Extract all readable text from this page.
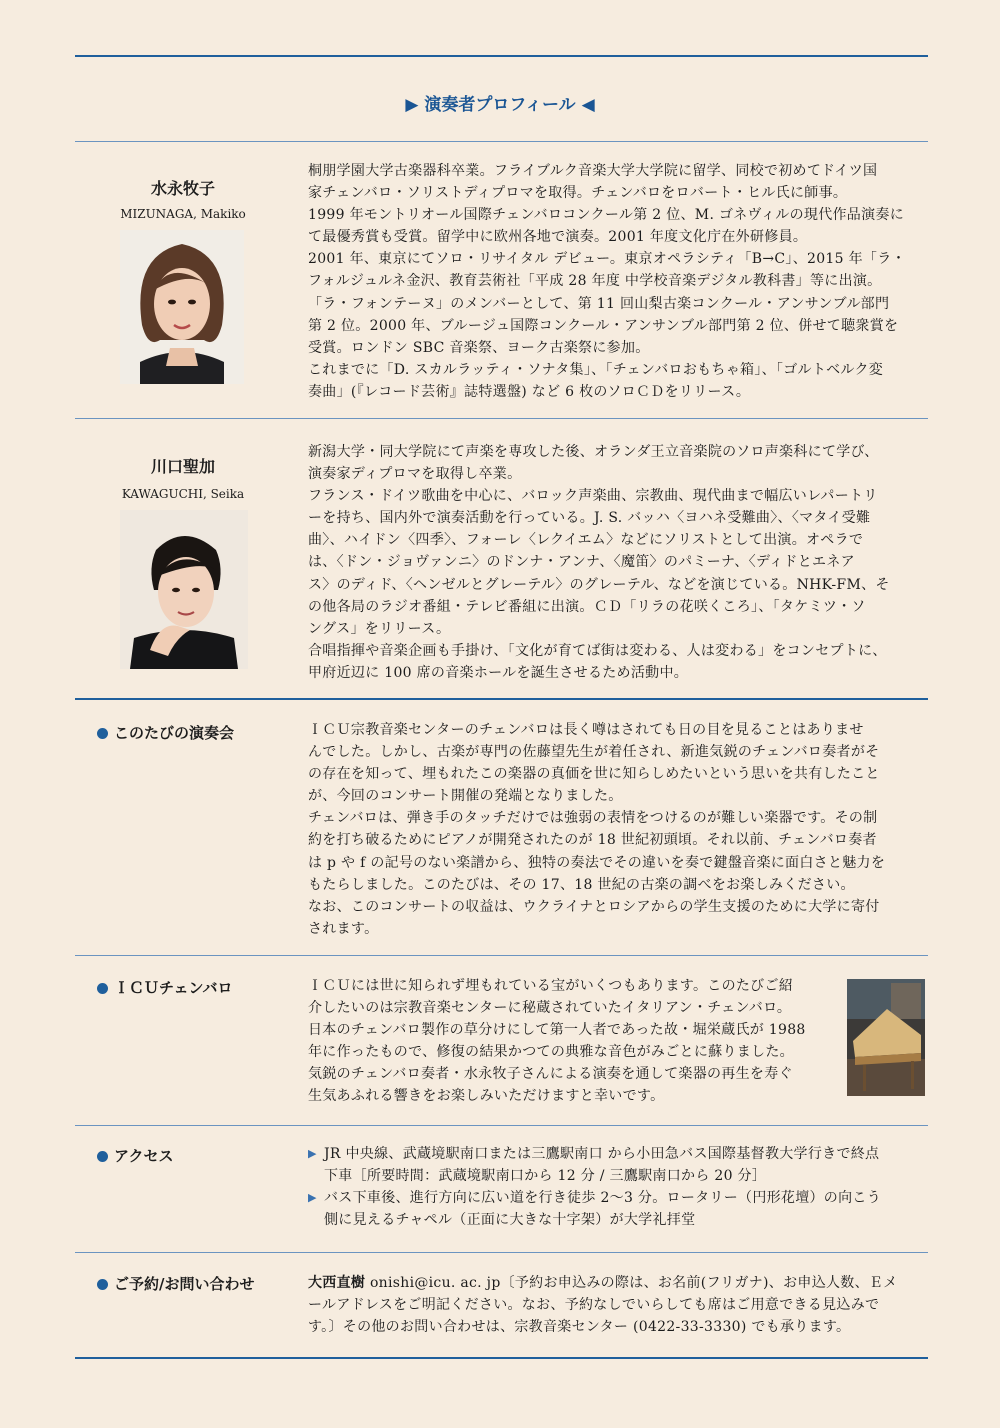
▶ 演奏者プロフィール ◀
水永牧子
MIZUNAGA, Makiko

桐朋学園大学古楽器科卒業。フライブルク音楽大学大学院に留学、同校で初めてドイツ国

家チェンバロ・ソリストディプロマを取得。チェンバロをロバート・ヒル氏に師事。

1999 年モントリオール国際チェンバロコンクール第 2 位、M. ゴネヴィルの現代作品演奏に

て最優秀賞も受賞。留学中に欧州各地で演奏。2001 年度文化庁在外研修員。

2001 年、東京にてソロ・リサイタル デビュー。東京オペラシティ「B→C」、2015 年「ラ・

フォルジュルネ金沢、教育芸術社「平成 28 年度 中学校音楽デジタル教科書」等に出演。

「ラ・フォンテーヌ」のメンバーとして、第 11 回山梨古楽コンクール・アンサンブル部門

第 2 位。2000 年、ブルージュ国際コンクール・アンサンブル部門第 2 位、併せて聴衆賞を

受賞。ロンドン SBC 音楽祭、ヨーク古楽祭に参加。

これまでに「D. スカルラッティ・ソナタ集」、「チェンバロおもちゃ箱」、「ゴルトベルク変

奏曲」(『レコード芸術』誌特選盤) など 6 枚のソロＣＤをリリース。

川口聖加
KAWAGUCHI, Seika

新潟大学・同大学院にて声楽を専攻した後、オランダ王立音楽院のソロ声楽科にて学び、

演奏家ディプロマを取得し卒業。

フランス・ドイツ歌曲を中心に、バロック声楽曲、宗教曲、現代曲まで幅広いレパートリ

ーを持ち、国内外で演奏活動を行っている。J. S. バッハ〈ヨハネ受難曲〉、〈マタイ受難

曲〉、ハイドン〈四季〉、フォーレ〈レクイエム〉などにソリストとして出演。オペラで

は、〈ドン・ジョヴァンニ〉のドンナ・アンナ、〈魔笛〉のパミーナ、〈ディドとエネア

ス〉のディド、〈ヘンゼルとグレーテル〉のグレーテル、などを演じている。NHK-FM、そ

の他各局のラジオ番組・テレビ番組に出演。ＣＤ「リラの花咲くころ」、「タケミツ・ソ

ングス」をリリース。

合唱指揮や音楽企画も手掛け、「文化が育てば街は変わる、人は変わる」をコンセプトに、

甲府近辺に 100 席の音楽ホールを誕生させるため活動中。

このたびの演奏会	ＩＣＵ宗教音楽センターのチェンバロは長く噂はされても日の目を見ることはありませ

んでした。しかし、古楽が専門の佐藤望先生が着任され、新進気鋭のチェンバロ奏者がそ

の存在を知って、埋もれたこの楽器の真価を世に知らしめたいという思いを共有したこと

が、今回のコンサート開催の発端となりました。

チェンバロは、弾き手のタッチだけでは強弱の表情をつけるのが難しい楽器です。その制

約を打ち破るためにピアノが開発されたのが 18 世紀初頭頃。それ以前、チェンバロ奏者

は p や f の記号のない楽譜から、独特の奏法でその違いを奏で鍵盤音楽に面白さと魅力を

もたらしました。このたびは、その 17、18 世紀の古楽の調べをお楽しみください。

なお、このコンサートの収益は、ウクライナとロシアからの学生支援のために大学に寄付

されます。

ＩＣＵチェンバロ	ＩＣＵには世に知られず埋もれている宝がいくつもあります。このたびご紹

介したいのは宗教音楽センターに秘蔵されていたイタリアン・チェンバロ。

日本のチェンバロ製作の草分けにして第一人者であった故・堀栄蔵氏が 1988

年に作ったもので、修復の結果かつての典雅な音色がみごとに蘇りました。

気鋭のチェンバロ奏者・水永牧子さんによる演奏を通して楽器の再生を寿ぐ

生気あふれる響きをお楽しみいただけますと幸いです。

アクセス	▶ JR 中央線、武蔵境駅南口または三鷹駅南口 から小田急バス国際基督教大学行きで終点

下車［所要時間：武蔵境駅南口から 12 分 / 三鷹駅南口から 20 分］

▶ バス下車後、進行方向に広い道を行き徒歩 2〜3 分。ロータリー（円形花壇）の向こう

側に見えるチャペル（正面に大きな十字架）が大学礼拝堂

ご予約/お問い合わせ	大西直樹 onishi@icu. ac. jp〔予約お申込みの際は、お名前(フリガナ)、お申込人数、Ｅメ

ールアドレスをご明記ください。なお、予約なしでいらしても席はご用意できる見込みで

す。〕その他のお問い合わせは、宗教音楽センター (0422-33-3330) でも承ります。
